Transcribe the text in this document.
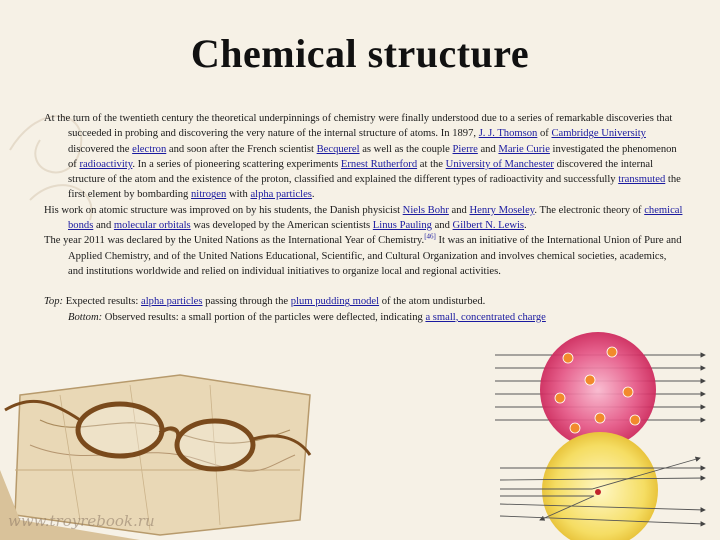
Chemical structure

At the turn of the twentieth century the theoretical underpinnings of chemistry were finally understood due to a series of remarkable discoveries that succeeded in probing and discovering the very nature of the internal structure of atoms. In 1897, J. J. Thomson of Cambridge University discovered the electron and soon after the French scientist Becquerel as well as the couple Pierre and Marie Curie investigated the phenomenon of radioactivity. In a series of pioneering scattering experiments Ernest Rutherford at the University of Manchester discovered the internal structure of the atom and the existence of the proton, classified and explained the different types of radioactivity and successfully transmuted the first element by bombarding nitrogen with alpha particles.

His work on atomic structure was improved on by his students, the Danish physicist Niels Bohr and Henry Moseley. The electronic theory of chemical bonds and molecular orbitals was developed by the American scientists Linus Pauling and Gilbert N. Lewis.

The year 2011 was declared by the United Nations as the International Year of Chemistry.[46] It was an initiative of the International Union of Pure and Applied Chemistry, and of the United Nations Educational, Scientific, and Cultural Organization and involves chemical societies, academics, and institutions worldwide and relied on individual initiatives to organize local and regional activities.

Top: Expected results: alpha particles passing through the plum pudding model of the atom undisturbed.

Bottom: Observed results: a small portion of the particles were deflected, indicating a small, concentrated charge

www.troyrebook.ru
